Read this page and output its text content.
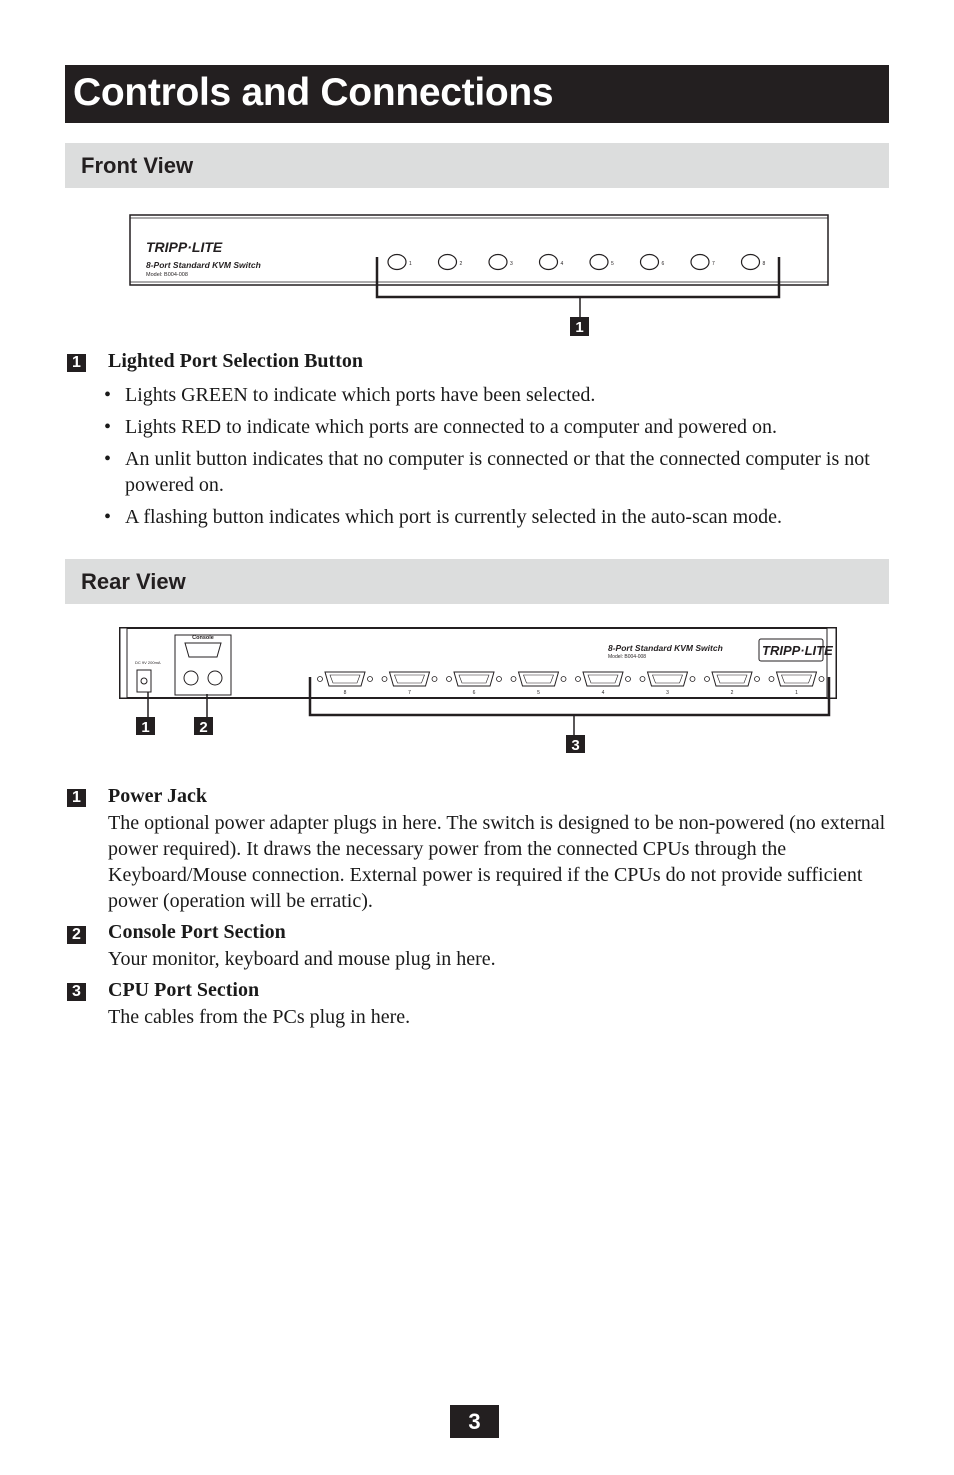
Controls and Connections
Front View
TRIPP·LITE
8-Port Standard KVM Switch
Model: B004-008
1	2	3	4	5	6	7	8
1
1 Lighted Port Selection Button
• Lights GREEN to indicate which ports have been selected.
• Lights RED to indicate which ports are connected to a computer and powered on.
• An unlit button indicates that no computer is connected or that the connected computer is not powered on.
• A flashing button indicates which port is currently selected in the auto-scan mode.
Rear View
DC 9V 200mA
Console
8-Port Standard KVM Switch
Model: B004-008	TRIPP·LITE
8	7	6	5	4	3	2	1
1	2
3
1 Power Jack
The optional power adapter plugs in here. The switch is designed to be non-powered (no external power required). It draws the necessary power from the connected CPUs through the Keyboard/Mouse connection. External power is required if the CPUs do not provide sufficient power (operation will be erratic).
2 Console Port Section
Your monitor, keyboard and mouse plug in here.
3 CPU Port Section
The cables from the PCs plug in here.
3
